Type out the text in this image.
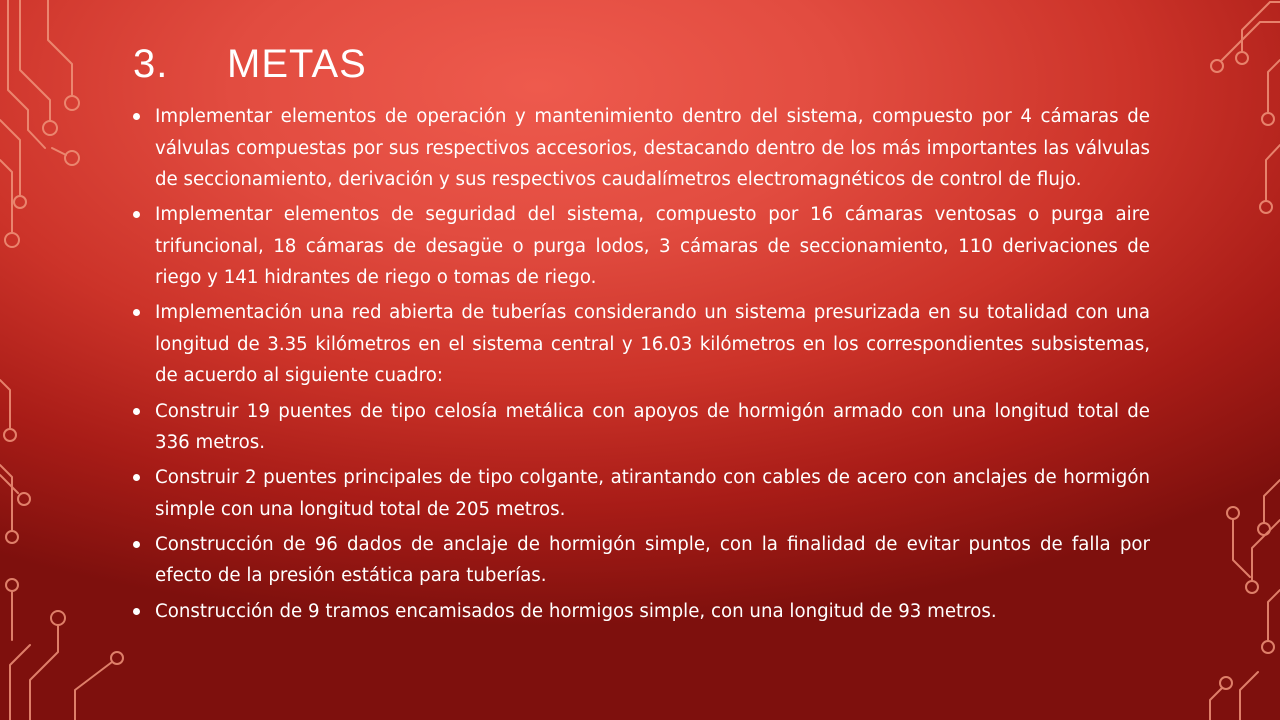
3.	METAS
Implementar elementos de operación y mantenimiento dentro del sistema, compuesto por 4 cámaras de válvulas compuestas por sus respectivos accesorios, destacando dentro de los más importantes las válvulas de seccionamiento, derivación y sus respectivos caudalímetros electromagnéticos de control de flujo.
Implementar elementos de seguridad del sistema, compuesto por 16 cámaras ventosas o purga aire trifuncional, 18 cámaras de desagüe o purga lodos, 3 cámaras de seccionamiento, 110 derivaciones de riego y 141 hidrantes de riego o tomas de riego.
Implementación una red abierta de tuberías considerando un sistema presurizada en su totalidad con una longitud de 3.35 kilómetros en el sistema central y 16.03 kilómetros en los correspondientes subsistemas, de acuerdo al siguiente cuadro:
Construir 19 puentes de tipo celosía metálica con apoyos de hormigón armado con una longitud total de 336 metros.
Construir 2 puentes principales de tipo colgante, atirantando con cables de acero con anclajes de hormigón simple con una longitud total de 205 metros.
Construcción de 96 dados de anclaje de hormigón simple, con la finalidad de evitar puntos de falla por efecto de la presión estática para tuberías.
Construcción de 9 tramos encamisados de hormigos simple, con una longitud de 93 metros.
